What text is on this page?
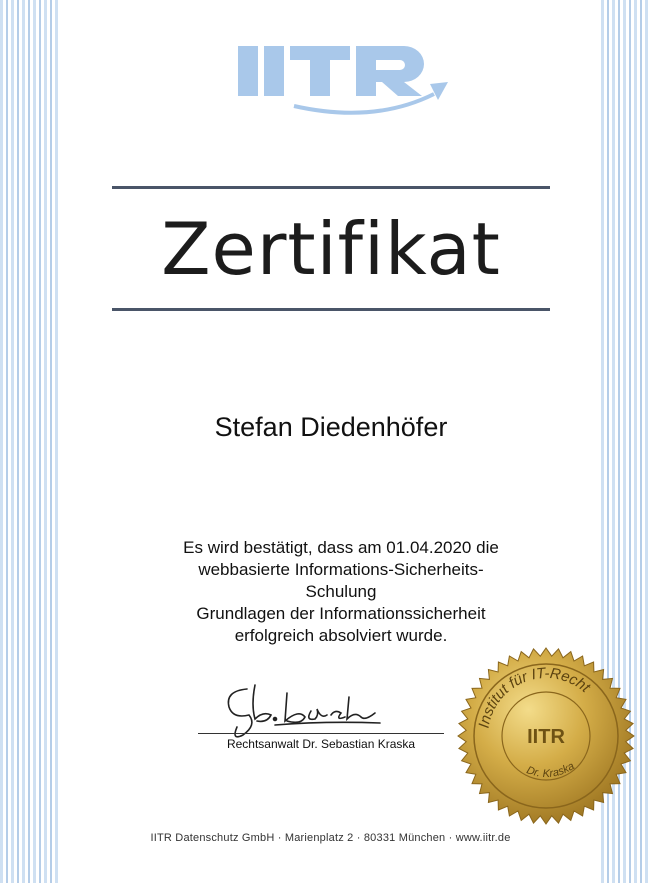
Zertifikat
Stefan Diedenhöfer
Es wird bestätigt, dass am 01.04.2020 die
webbasierte Informations-Sicherheits-
Schulung
Grundlagen der Informationssicherheit
erfolgreich absolviert wurde.
Rechtsanwalt Dr. Sebastian Kraska
Institut für IT-Recht
IITR
Dr. Kraska
IITR Datenschutz GmbH · Marienplatz 2 · 80331 München · www.iitr.de
